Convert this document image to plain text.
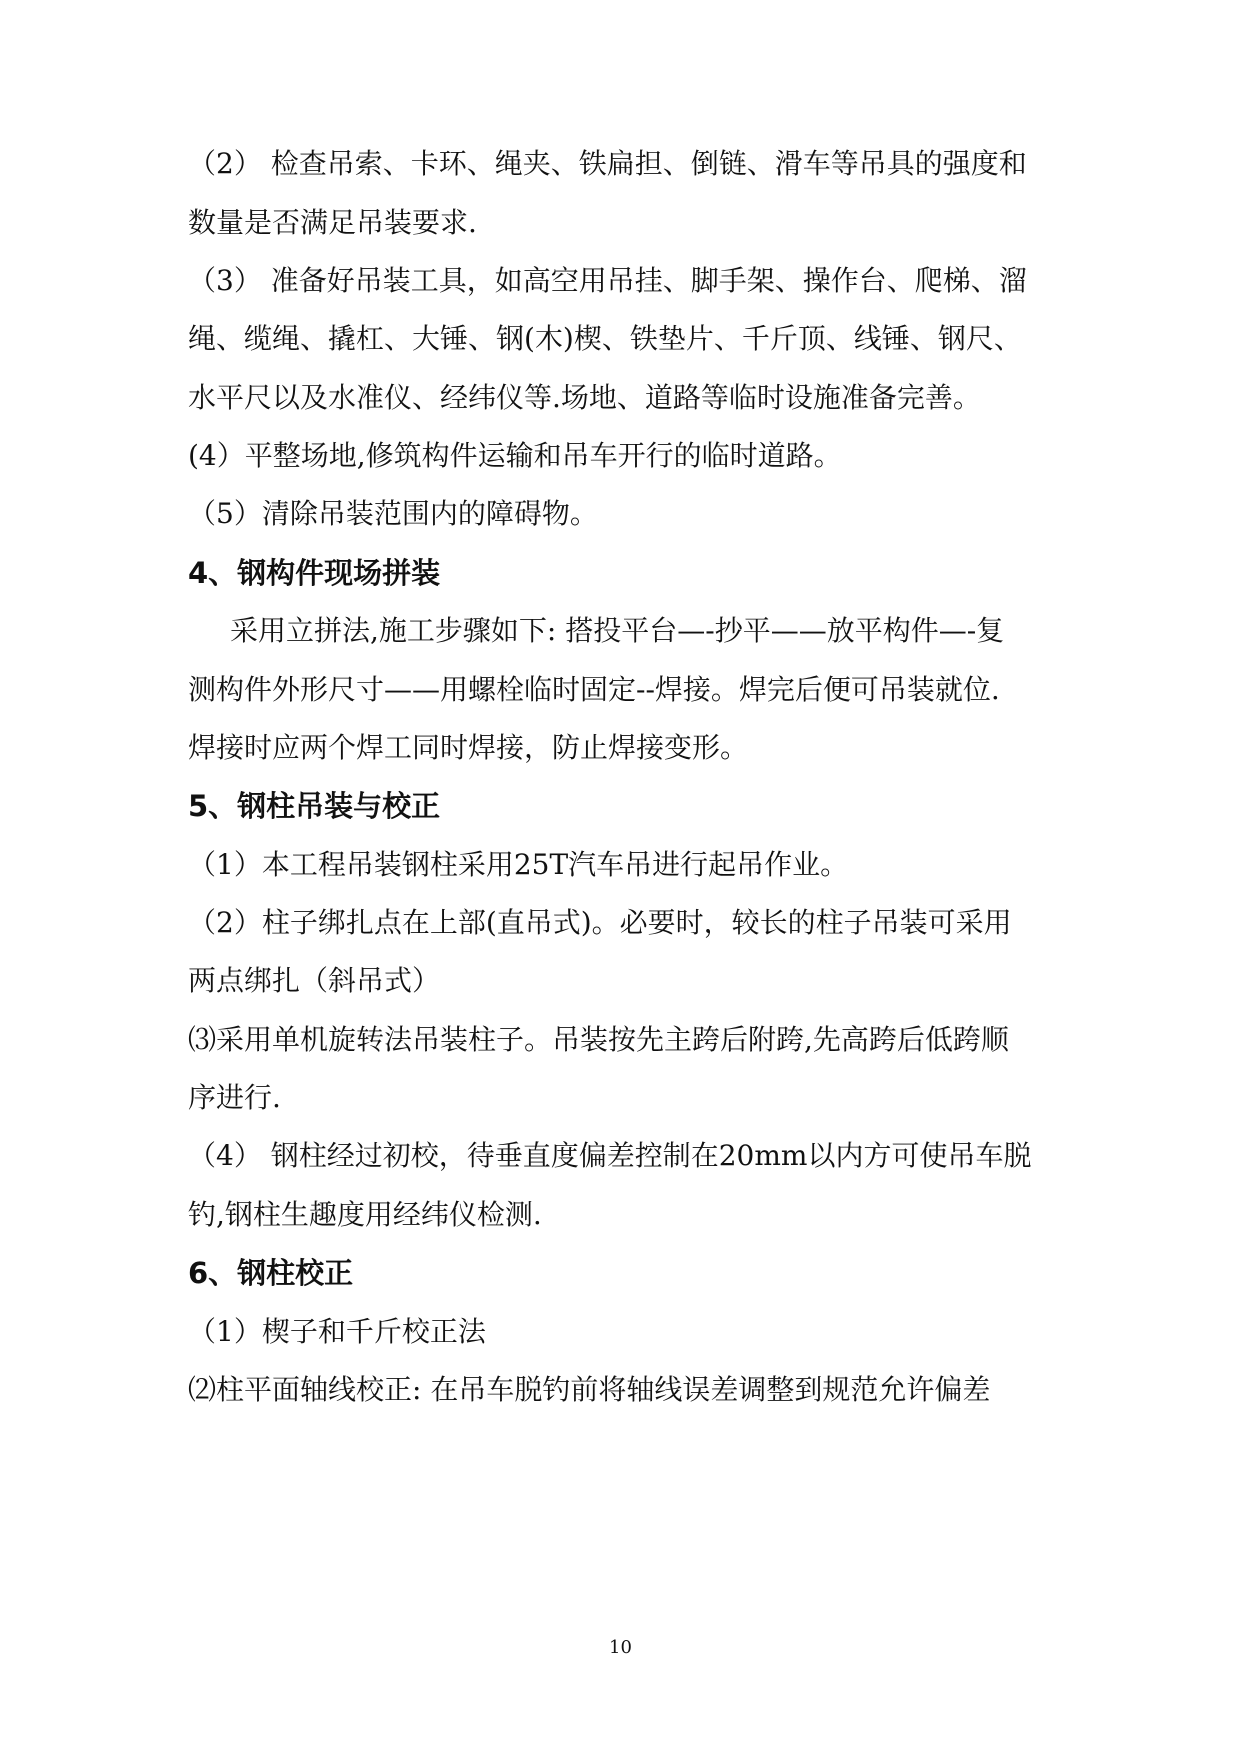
（2） 检查吊索、卡环、绳夹、铁扁担、倒链、滑车等吊具的强度和
数量是否满足吊装要求.
（3） 准备好吊装工具，如高空用吊挂、脚手架、操作台、爬梯、溜
绳、缆绳、撬杠、大锤、钢(木)楔、铁垫片、千斤顶、线锤、钢尺、
水平尺以及水准仪、经纬仪等.场地、道路等临时设施准备完善。
(4）平整场地,修筑构件运输和吊车开行的临时道路。
（5）清除吊装范围内的障碍物。
4、钢构件现场拼装
采用立拼法,施工步骤如下: 搭投平台—-抄平——放平构件—-复
测构件外形尺寸——用螺栓临时固定--焊接。焊完后便可吊装就位.
焊接时应两个焊工同时焊接，防止焊接变形。
5、钢柱吊装与校正
（1）本工程吊装钢柱采用25T汽车吊进行起吊作业。
（2）柱子绑扎点在上部(直吊式)。必要时，较长的柱子吊装可采用
两点绑扎（斜吊式）
⑶采用单机旋转法吊装柱子。吊装按先主跨后附跨,先高跨后低跨顺
序进行.
（4） 钢柱经过初校，待垂直度偏差控制在20mm以内方可使吊车脱
钓,钢柱生趣度用经纬仪检测.
6、钢柱校正
（1）楔子和千斤校正法
⑵柱平面轴线校正: 在吊车脱钓前将轴线误差调整到规范允许偏差
10
